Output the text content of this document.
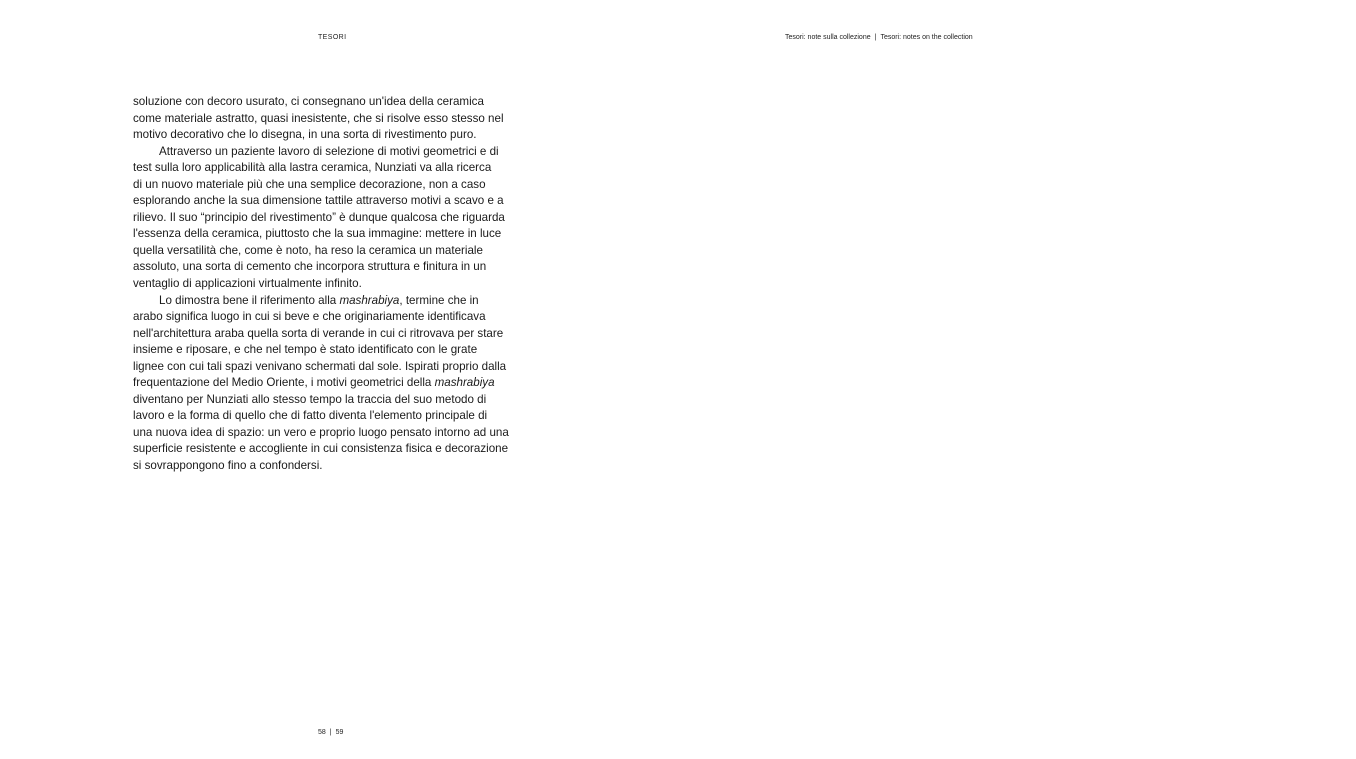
TESORI	Tesori: note sulla collezione | Tesori: notes on the collection
soluzione con decoro usurato, ci consegnano un'idea della ceramica
come materiale astratto, quasi inesistente, che si risolve esso stesso nel
motivo decorativo che lo disegna, in una sorta di rivestimento puro.
Attraverso un paziente lavoro di selezione di motivi geometrici e di
test sulla loro applicabilità alla lastra ceramica, Nunziati va alla ricerca
di un nuovo materiale più che una semplice decorazione, non a caso
esplorando anche la sua dimensione tattile attraverso motivi a scavo e a
rilievo. Il suo “principio del rivestimento” è dunque qualcosa che riguarda
l'essenza della ceramica, piuttosto che la sua immagine: mettere in luce
quella versatilità che, come è noto, ha reso la ceramica un materiale
assoluto, una sorta di cemento che incorpora struttura e finitura in un
ventaglio di applicazioni virtualmente infinito.
Lo dimostra bene il riferimento alla mashrabiya, termine che in
arabo significa luogo in cui si beve e che originariamente identificava
nell'architettura araba quella sorta di verande in cui ci ritrovava per stare
insieme e riposare, e che nel tempo è stato identificato con le grate
lignee con cui tali spazi venivano schermati dal sole. Ispirati proprio dalla
frequentazione del Medio Oriente, i motivi geometrici della mashrabiya
diventano per Nunziati allo stesso tempo la traccia del suo metodo di
lavoro e la forma di quello che di fatto diventa l'elemento principale di
una nuova idea di spazio: un vero e proprio luogo pensato intorno ad una
superficie resistente e accogliente in cui consistenza fisica e decorazione
si sovrappongono fino a confondersi.
58 | 59
